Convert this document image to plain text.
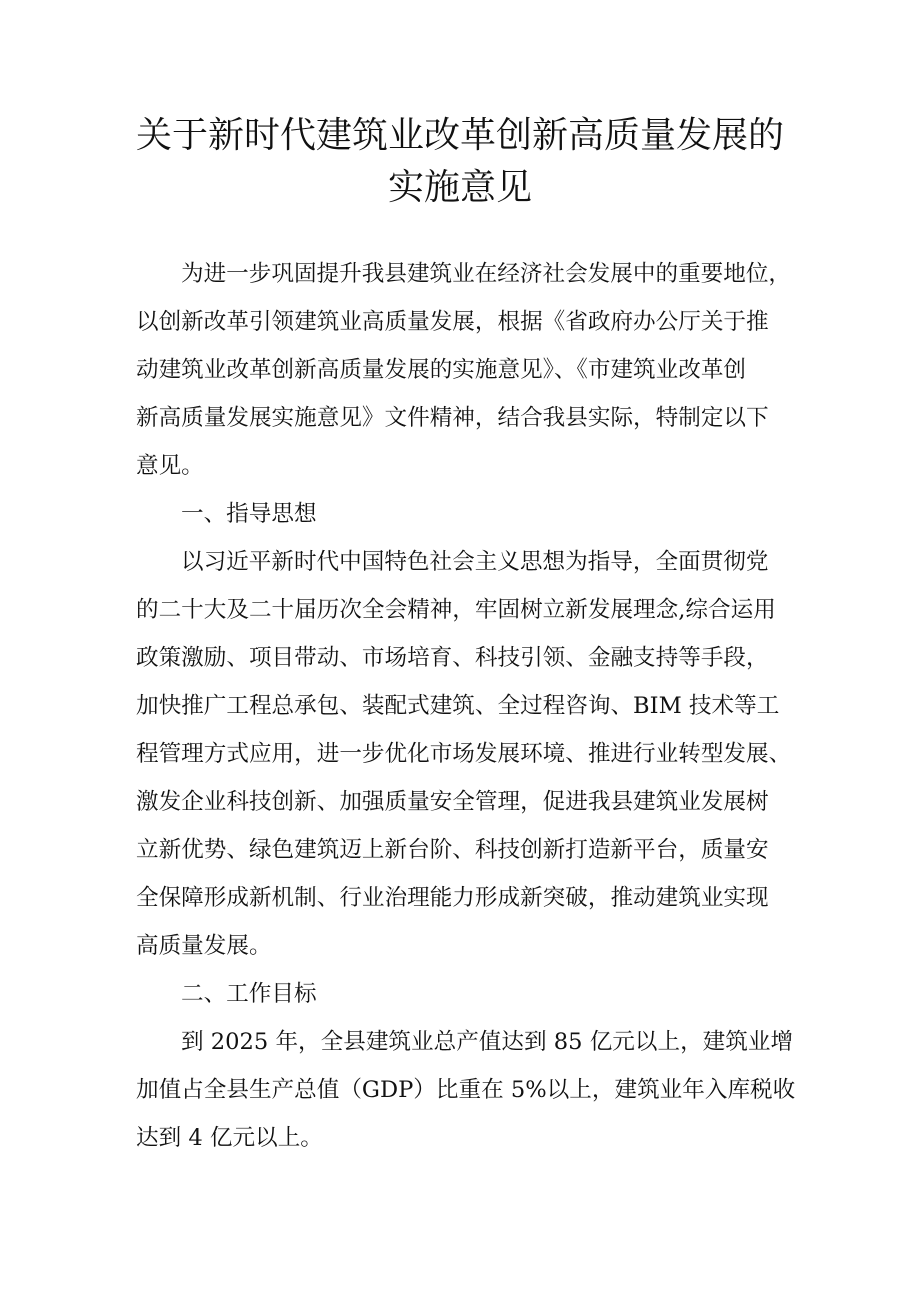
关于新时代建筑业改革创新高质量发展的
实施意见
为进一步巩固提升我县建筑业在经济社会发展中的重要地位，
以创新改革引领建筑业高质量发展，根据《省政府办公厅关于推
动建筑业改革创新高质量发展的实施意见》、《市建筑业改革创
新高质量发展实施意见》文件精神，结合我县实际，特制定以下
意见。
一、指导思想
以习近平新时代中国特色社会主义思想为指导，全面贯彻党
的二十大及二十届历次全会精神，牢固树立新发展理念,综合运用
政策激励、项目带动、市场培育、科技引领、金融支持等手段，
加快推广工程总承包、装配式建筑、全过程咨询、BIM 技术等工
程管理方式应用，进一步优化市场发展环境、推进行业转型发展、
激发企业科技创新、加强质量安全管理，促进我县建筑业发展树
立新优势、绿色建筑迈上新台阶、科技创新打造新平台，质量安
全保障形成新机制、行业治理能力形成新突破，推动建筑业实现
高质量发展。
二、工作目标
到 2025 年，全县建筑业总产值达到 85 亿元以上，建筑业增
加值占全县生产总值（GDP）比重在 5%以上，建筑业年入库税收
达到 4 亿元以上。
